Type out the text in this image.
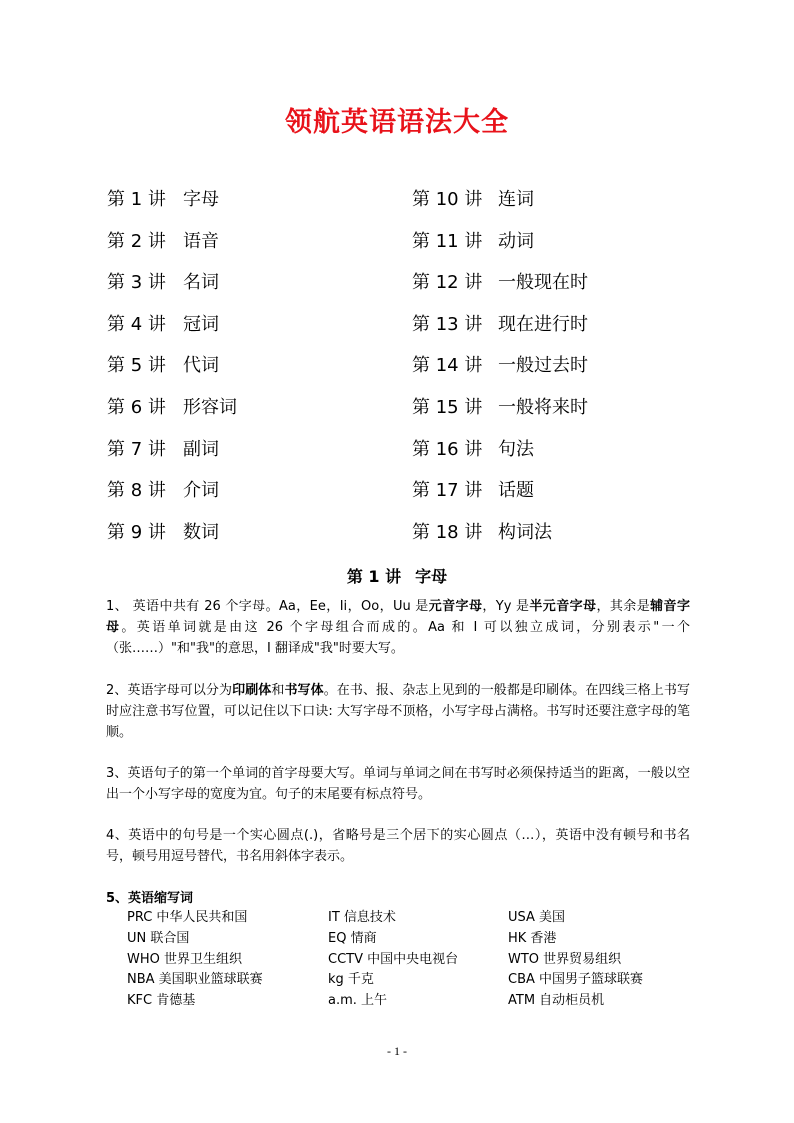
领航英语语法大全
第 1 讲 字母	第 10 讲 连词
第 2 讲 语音	第 11 讲 动词
第 3 讲 名词	第 12 讲 一般现在时
第 4 讲 冠词	第 13 讲 现在进行时
第 5 讲 代词	第 14 讲 一般过去时
第 6 讲 形容词	第 15 讲 一般将来时
第 7 讲 副词	第 16 讲 句法
第 8 讲 介词	第 17 讲 话题
第 9 讲 数词	第 18 讲 构词法
第 1 讲 字母
1、 英语中共有 26 个字母。Aa，Ee，Ii，Oo，Uu 是元音字母，Yy 是半元音字母，其余是辅音字母。英语单词就是由这 26 个字母组合而成的。Aa 和 I 可以独立成词，分别表示"一个（张……）"和"我"的意思，I 翻译成"我"时要大写。
2、英语字母可以分为印刷体和书写体。在书、报、杂志上见到的一般都是印刷体。在四线三格上书写时应注意书写位置，可以记住以下口诀: 大写字母不顶格，小写字母占满格。书写时还要注意字母的笔顺。
3、英语句子的第一个单词的首字母要大写。单词与单词之间在书写时必须保持适当的距离，一般以空出一个小写字母的宽度为宜。句子的末尾要有标点符号。
4、英语中的句号是一个实心圆点(.)，省略号是三个居下的实心圆点（…），英语中没有顿号和书名号，顿号用逗号替代，书名用斜体字表示。
5、英语缩写词
PRC 中华人民共和国	IT 信息技术	USA 美国
UN 联合国	EQ 情商	HK 香港
WHO 世界卫生组织	CCTV 中国中央电视台	WTO 世界贸易组织
NBA 美国职业篮球联赛	kg 千克	CBA 中国男子篮球联赛
KFC 肯德基	a.m. 上午	ATM 自动柜员机
- 1 -
